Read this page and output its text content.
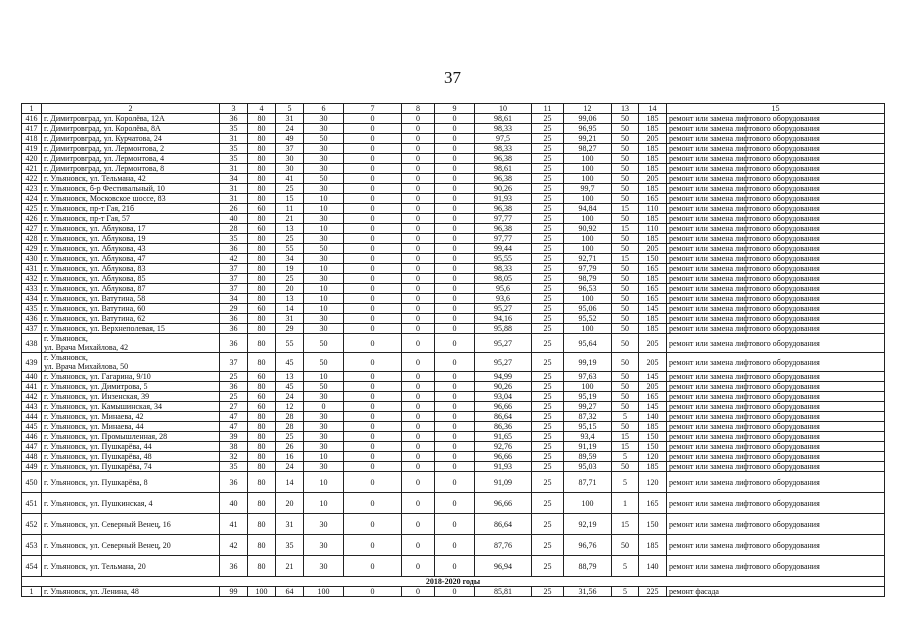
37
1	2	3	4	5	6	7	8	9	10	11	12	13	14	15
416	г. Димитровград, ул. Королёва, 12А	36	80	31	30	0	0	0	98,61	25	99,06	50	185	ремонт или замена лифтового оборудования
417	г. Димитровград, ул. Королёва, 8А	35	80	24	30	0	0	0	98,33	25	96,95	50	185	ремонт или замена лифтового оборудования
418	г. Димитровград, ул. Курчатова, 24	31	80	49	50	0	0	0	97,5	25	99,21	50	205	ремонт или замена лифтового оборудования
419	г. Димитровград, ул. Лермонтова, 2	35	80	37	30	0	0	0	98,33	25	98,27	50	185	ремонт или замена лифтового оборудования
420	г. Димитровград, ул. Лермонтова, 4	35	80	30	30	0	0	0	96,38	25	100	50	185	ремонт или замена лифтового оборудования
421	г. Димитровград, ул. Лермонтова, 8	31	80	30	30	0	0	0	98,61	25	100	50	185	ремонт или замена лифтового оборудования
422	г. Ульяновск, ул. Тельмана, 42	34	80	41	50	0	0	0	96,38	25	100	50	205	ремонт или замена лифтового оборудования
423	г. Ульяновск, б-р Фестивальный, 10	31	80	25	30	0	0	0	90,26	25	99,7	50	185	ремонт или замена лифтового оборудования
424	г. Ульяновск, Московское шоссе, 83	31	80	15	10	0	0	0	91,93	25	100	50	165	ремонт или замена лифтового оборудования
425	г. Ульяновск, пр-т Гая, 21б	26	60	11	10	0	0	0	96,38	25	94,84	15	110	ремонт или замена лифтового оборудования
426	г. Ульяновск, пр-т Гая, 57	40	80	21	30	0	0	0	97,77	25	100	50	185	ремонт или замена лифтового оборудования
427	г. Ульяновск, ул. Аблукова, 17	28	60	13	10	0	0	0	96,38	25	90,92	15	110	ремонт или замена лифтового оборудования
428	г. Ульяновск, ул. Аблукова, 19	35	80	25	30	0	0	0	97,77	25	100	50	185	ремонт или замена лифтового оборудования
429	г. Ульяновск, ул. Аблукова, 43	36	80	55	50	0	0	0	99,44	25	100	50	205	ремонт или замена лифтового оборудования
430	г. Ульяновск, ул. Аблукова, 47	42	80	34	30	0	0	0	95,55	25	92,71	15	150	ремонт или замена лифтового оборудования
431	г. Ульяновск, ул. Аблукова, 83	37	80	19	10	0	0	0	98,33	25	97,79	50	165	ремонт или замена лифтового оборудования
432	г. Ульяновск, ул. Аблукова, 85	37	80	25	30	0	0	0	98,05	25	98,79	50	185	ремонт или замена лифтового оборудования
433	г. Ульяновск, ул. Аблукова, 87	37	80	20	10	0	0	0	95,6	25	96,53	50	165	ремонт или замена лифтового оборудования
434	г. Ульяновск, ул. Ватутина, 58	34	80	13	10	0	0	0	93,6	25	100	50	165	ремонт или замена лифтового оборудования
435	г. Ульяновск, ул. Ватутина, 60	29	60	14	10	0	0	0	95,27	25	95,06	50	145	ремонт или замена лифтового оборудования
436	г. Ульяновск, ул. Ватутина, 62	36	80	31	30	0	0	0	94,16	25	95,52	50	185	ремонт или замена лифтового оборудования
437	г. Ульяновск, ул. Верхнеполевая, 15	36	80	29	30	0	0	0	95,88	25	100	50	185	ремонт или замена лифтового оборудования
438	г. Ульяновск,
ул. Врача Михайлова, 42	36	80	55	50	0	0	0	95,27	25	95,64	50	205	ремонт или замена лифтового оборудования
439	г. Ульяновск,
ул. Врача Михайлова, 50	37	80	45	50	0	0	0	95,27	25	99,19	50	205	ремонт или замена лифтового оборудования
440	г. Ульяновск, ул. Гагарина, 9/10	25	60	13	10	0	0	0	94,99	25	97,63	50	145	ремонт или замена лифтового оборудования
441	г. Ульяновск, ул. Димитрова, 5	36	80	45	50	0	0	0	90,26	25	100	50	205	ремонт или замена лифтового оборудования
442	г. Ульяновск, ул. Инзенская, 39	25	60	24	30	0	0	0	93,04	25	95,19	50	165	ремонт или замена лифтового оборудования
443	г. Ульяновск, ул. Камышинская, 34	27	60	12	0	0	0	0	96,66	25	99,27	50	145	ремонт или замена лифтового оборудования
444	г. Ульяновск, ул. Минаева, 42	47	80	28	30	0	0	0	86,64	25	87,32	5	140	ремонт или замена лифтового оборудования
445	г. Ульяновск, ул. Минаева, 44	47	80	28	30	0	0	0	86,36	25	95,15	50	185	ремонт или замена лифтового оборудования
446	г. Ульяновск, ул. Промышленная, 28	39	80	25	30	0	0	0	91,65	25	93,4	15	150	ремонт или замена лифтового оборудования
447	г. Ульяновск, ул. Пушкарёва, 44	38	80	26	30	0	0	0	92,76	25	91,19	15	150	ремонт или замена лифтового оборудования
448	г. Ульяновск, ул. Пушкарёва, 48	32	80	16	10	0	0	0	96,66	25	89,59	5	120	ремонт или замена лифтового оборудования
449	г. Ульяновск, ул. Пушкарёва, 74	35	80	24	30	0	0	0	91,93	25	95,03	50	185	ремонт или замена лифтового оборудования
450	г. Ульяновск, ул. Пушкарёва, 8	36	80	14	10	0	0	0	91,09	25	87,71	5	120	ремонт или замена лифтового оборудования
451	г. Ульяновск, ул. Пушкинская, 4	40	80	20	10	0	0	0	96,66	25	100	1	165	ремонт или замена лифтового оборудования
452	г. Ульяновск, ул. Северный Венец, 16	41	80	31	30	0	0	0	86,64	25	92,19	15	150	ремонт или замена лифтового оборудования
453	г. Ульяновск, ул. Северный Венец, 20	42	80	35	30	0	0	0	87,76	25	96,76	50	185	ремонт или замена лифтового оборудования
454	г. Ульяновск, ул. Тельмана, 20	36	80	21	30	0	0	0	96,94	25	88,79	5	140	ремонт или замена лифтового оборудования
2018-2020 годы														
1	г. Ульяновск, ул. Ленина, 48	99	100	64	100	0	0	0	85,81	25	31,56	5	225	ремонт фасада
